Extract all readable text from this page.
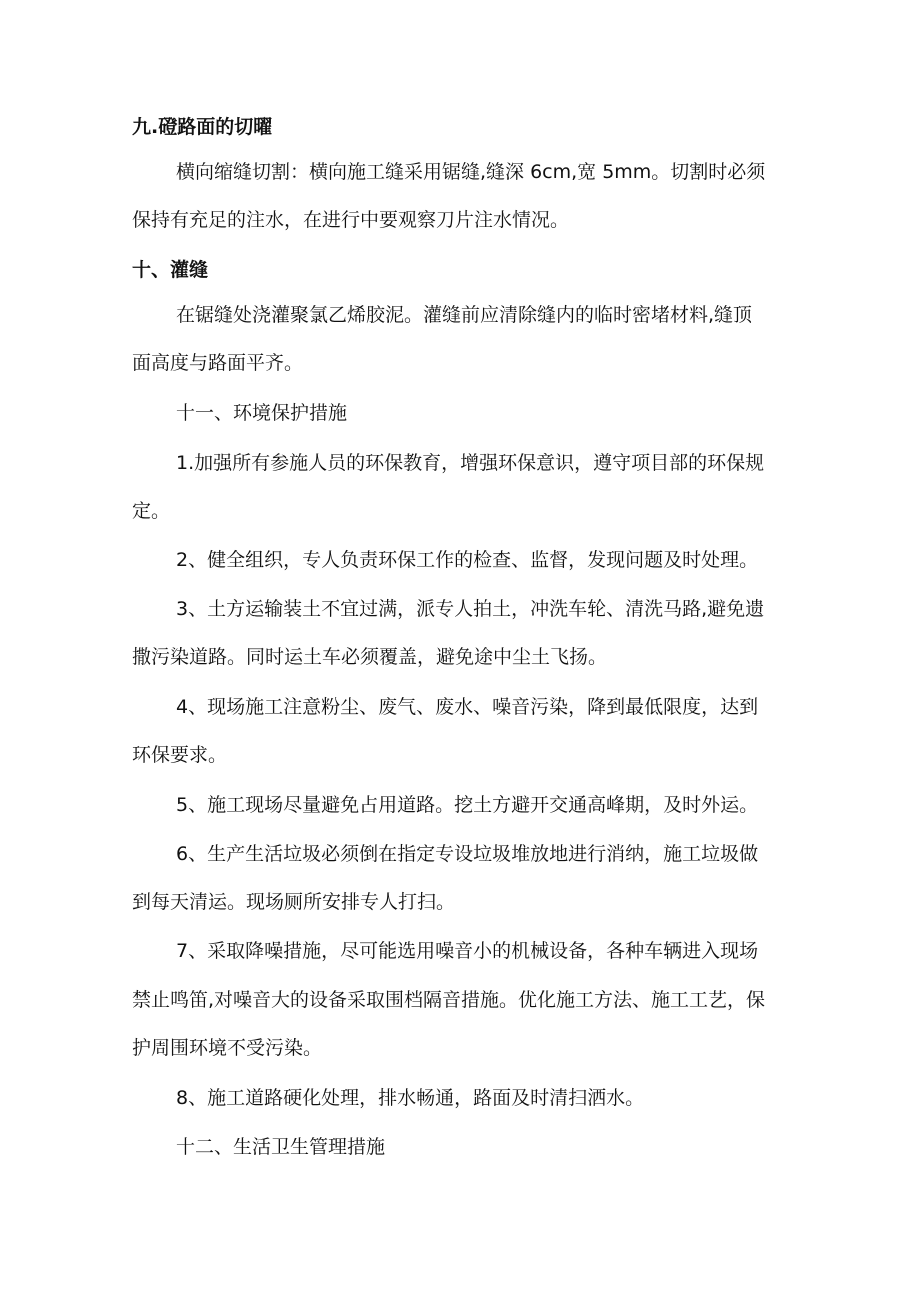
九.磴路面的切曜

横向缩缝切割：横向施工缝采用锯缝,缝深 6cm,宽 5mm。切割时必须

保持有充足的注水，在进行中要观察刀片注水情况。

十、灌缝

在锯缝处浇灌聚氯乙烯胶泥。灌缝前应清除缝内的临时密堵材料,缝顶

面高度与路面平齐。

十一、环境保护措施

1.加强所有参施人员的环保教育，增强环保意识，遵守项目部的环保规

定。

2、健全组织，专人负责环保工作的检查、监督，发现问题及时处理。

3、土方运输装土不宜过满，派专人拍土，冲洗车轮、清洗马路,避免遗

撒污染道路。同时运土车必须覆盖，避免途中尘土飞扬。

4、现场施工注意粉尘、废气、废水、噪音污染，降到最低限度，达到

环保要求。

5、施工现场尽量避免占用道路。挖土方避开交通高峰期，及时外运。

6、生产生活垃圾必须倒在指定专设垃圾堆放地进行消纳，施工垃圾做

到每天清运。现场厕所安排专人打扫。

7、采取降噪措施，尽可能选用噪音小的机械设备，各种车辆进入现场

禁止鸣笛,对噪音大的设备采取围档隔音措施。优化施工方法、施工工艺，保

护周围环境不受污染。

8、施工道路硬化处理，排水畅通，路面及时清扫洒水。

十二、生活卫生管理措施
